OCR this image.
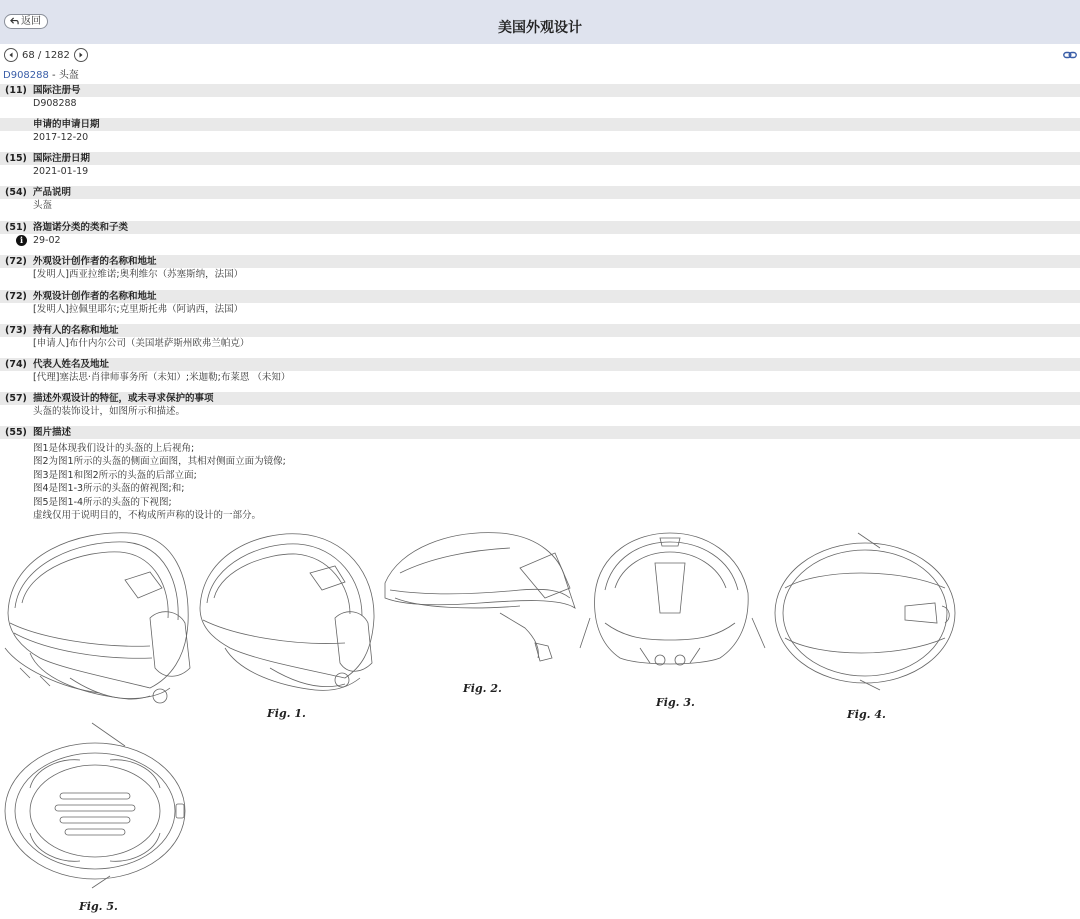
返回	美国外观设计
68 / 1282
D908288 - 头盔
(11) 国际注册号
D908288
申请的申请日期
2017-12-20
(15) 国际注册日期
2021-01-19
(54) 产品说明
头盔
(51) 洛迦诺分类的类和子类
i	29-02
(72) 外观设计创作者的名称和地址
[发明人]西亚拉维诺;奥利维尔（苏塞斯纳，法国）
(72) 外观设计创作者的名称和地址
[发明人]拉佩里耶尔;克里斯托弗（阿讷西，法国）
(73) 持有人的名称和地址
[申请人]布什内尔公司（美国堪萨斯州欧弗兰帕克）
(74) 代表人姓名及地址
[代理]塞法思·肖律师事务所（未知）;米迦勒;布莱恩 （未知）
(57) 描述外观设计的特征，或未寻求保护的事项
头盔的装饰设计，如图所示和描述。
(55) 图片描述
图1是体现我们设计的头盔的上后视角;
图2为图1所示的头盔的侧面立面图，其相对侧面立面为镜像;
图3是图1和图2所示的头盔的后部立面;
图4是图1-3所示的头盔的俯视图;和;
图5是图1-4所示的头盔的下视图;
虚线仅用于说明目的，不构成所声称的设计的一部分。
Fig. 1.
Fig. 2.
Fig. 3.
Fig. 4.
Fig. 5.
